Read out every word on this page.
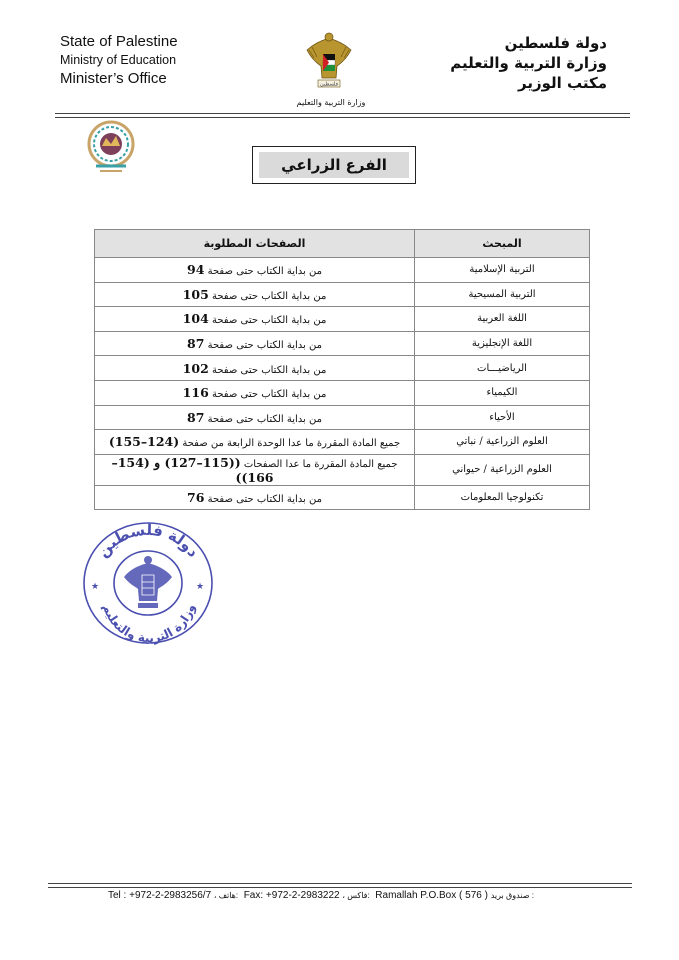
State of Palestine
Ministry of Education
Minister’s Office
دولة فلسطين
وزارة التربية والتعليم
مكتب الوزير
فلسطين
وزارة التربية والتعليم
الفرع الزراعي
المبحث	الصفحات المطلوبة
التربية الإسلامية	من بداية الكتاب حتى صفحة 94
التربية المسيحية	من بداية الكتاب حتى صفحة 105
اللغة العربية	من بداية الكتاب حتى صفحة 104
اللغة الإنجليزية	من بداية الكتاب حتى صفحة 87
الرياضيـــات	من بداية الكتاب حتى صفحة 102
الكيمياء	من بداية الكتاب حتى صفحة 116
الأحياء	من بداية الكتاب حتى صفحة 87
العلوم الزراعية / نباتي	جميع المادة المقررة ما عدا الوحدة الرابعة من صفحة (124–155)
العلوم الزراعية / حيواني	جميع المادة المقررة ما عدا الصفحات ((115–127) و (154–166))
تكنولوجيا المعلومات	من بداية الكتاب حتى صفحة 76
دولة فلسطين
وزارة التربية والتعليم
★	★
Tel : +972-2-2983256/7 ، هاتف: Fax: +972-2-2983222 ، فاكس: Ramallah P.O.Box ( 576 ) صندوق بريد :
